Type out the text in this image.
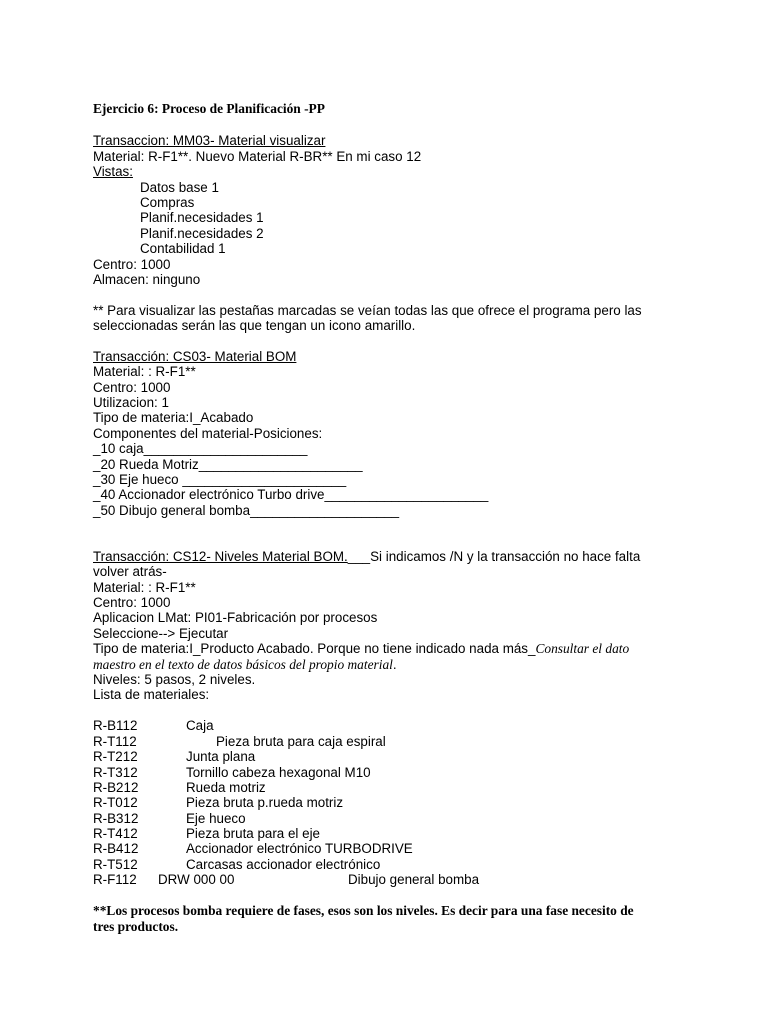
Ejercicio 6: Proceso de Planificación -PP
Transaccion: MM03- Material visualizar
Material: R-F1**. Nuevo Material R-BR** En mi caso 12
Vistas:
Datos base 1
Compras
Planif.necesidades 1
Planif.necesidades 2
Contabilidad 1
Centro: 1000
Almacen: ninguno
** Para visualizar las pestañas marcadas se veían todas las que ofrece el programa pero las
seleccionadas serán las que tengan un icono amarillo.
Transacción: CS03- Material BOM
Material: : R-F1**
Centro: 1000
Utilizacion: 1
Tipo de materia:I_Acabado
Componentes del material-Posiciones:
_10 caja______________________
_20 Rueda Motriz______________________
_30 Eje hueco ______________________
_40 Accionador electrónico Turbo drive______________________
_50 Dibujo general bomba____________________
Transacción: CS12- Niveles Material BOM.___Si indicamos /N y la transacción no hace falta
volver atrás-
Material: : R-F1**
Centro: 1000
Aplicacion LMat: PI01-Fabricación por procesos
Seleccione--> Ejecutar
Tipo de materia:I_Producto Acabado. Porque no tiene indicado nada más_Consultar el dato
maestro en el texto de datos básicos del propio material.
Niveles: 5 pasos, 2 niveles.
Lista de materiales:
R-B112	Caja
R-T112	Pieza bruta para caja espiral
R-T212	Junta plana
R-T312	Tornillo cabeza hexagonal M10
R-B212	Rueda motriz
R-T012	Pieza bruta p.rueda motriz
R-B312	Eje hueco
R-T412	Pieza bruta para el eje
R-B412	Accionador electrónico TURBODRIVE
R-T512	Carcasas accionador electrónico
R-F112 DRW 000 00	Dibujo general bomba
**Los procesos bomba requiere de fases, esos son los niveles. Es decir para una fase necesito de
tres productos.
